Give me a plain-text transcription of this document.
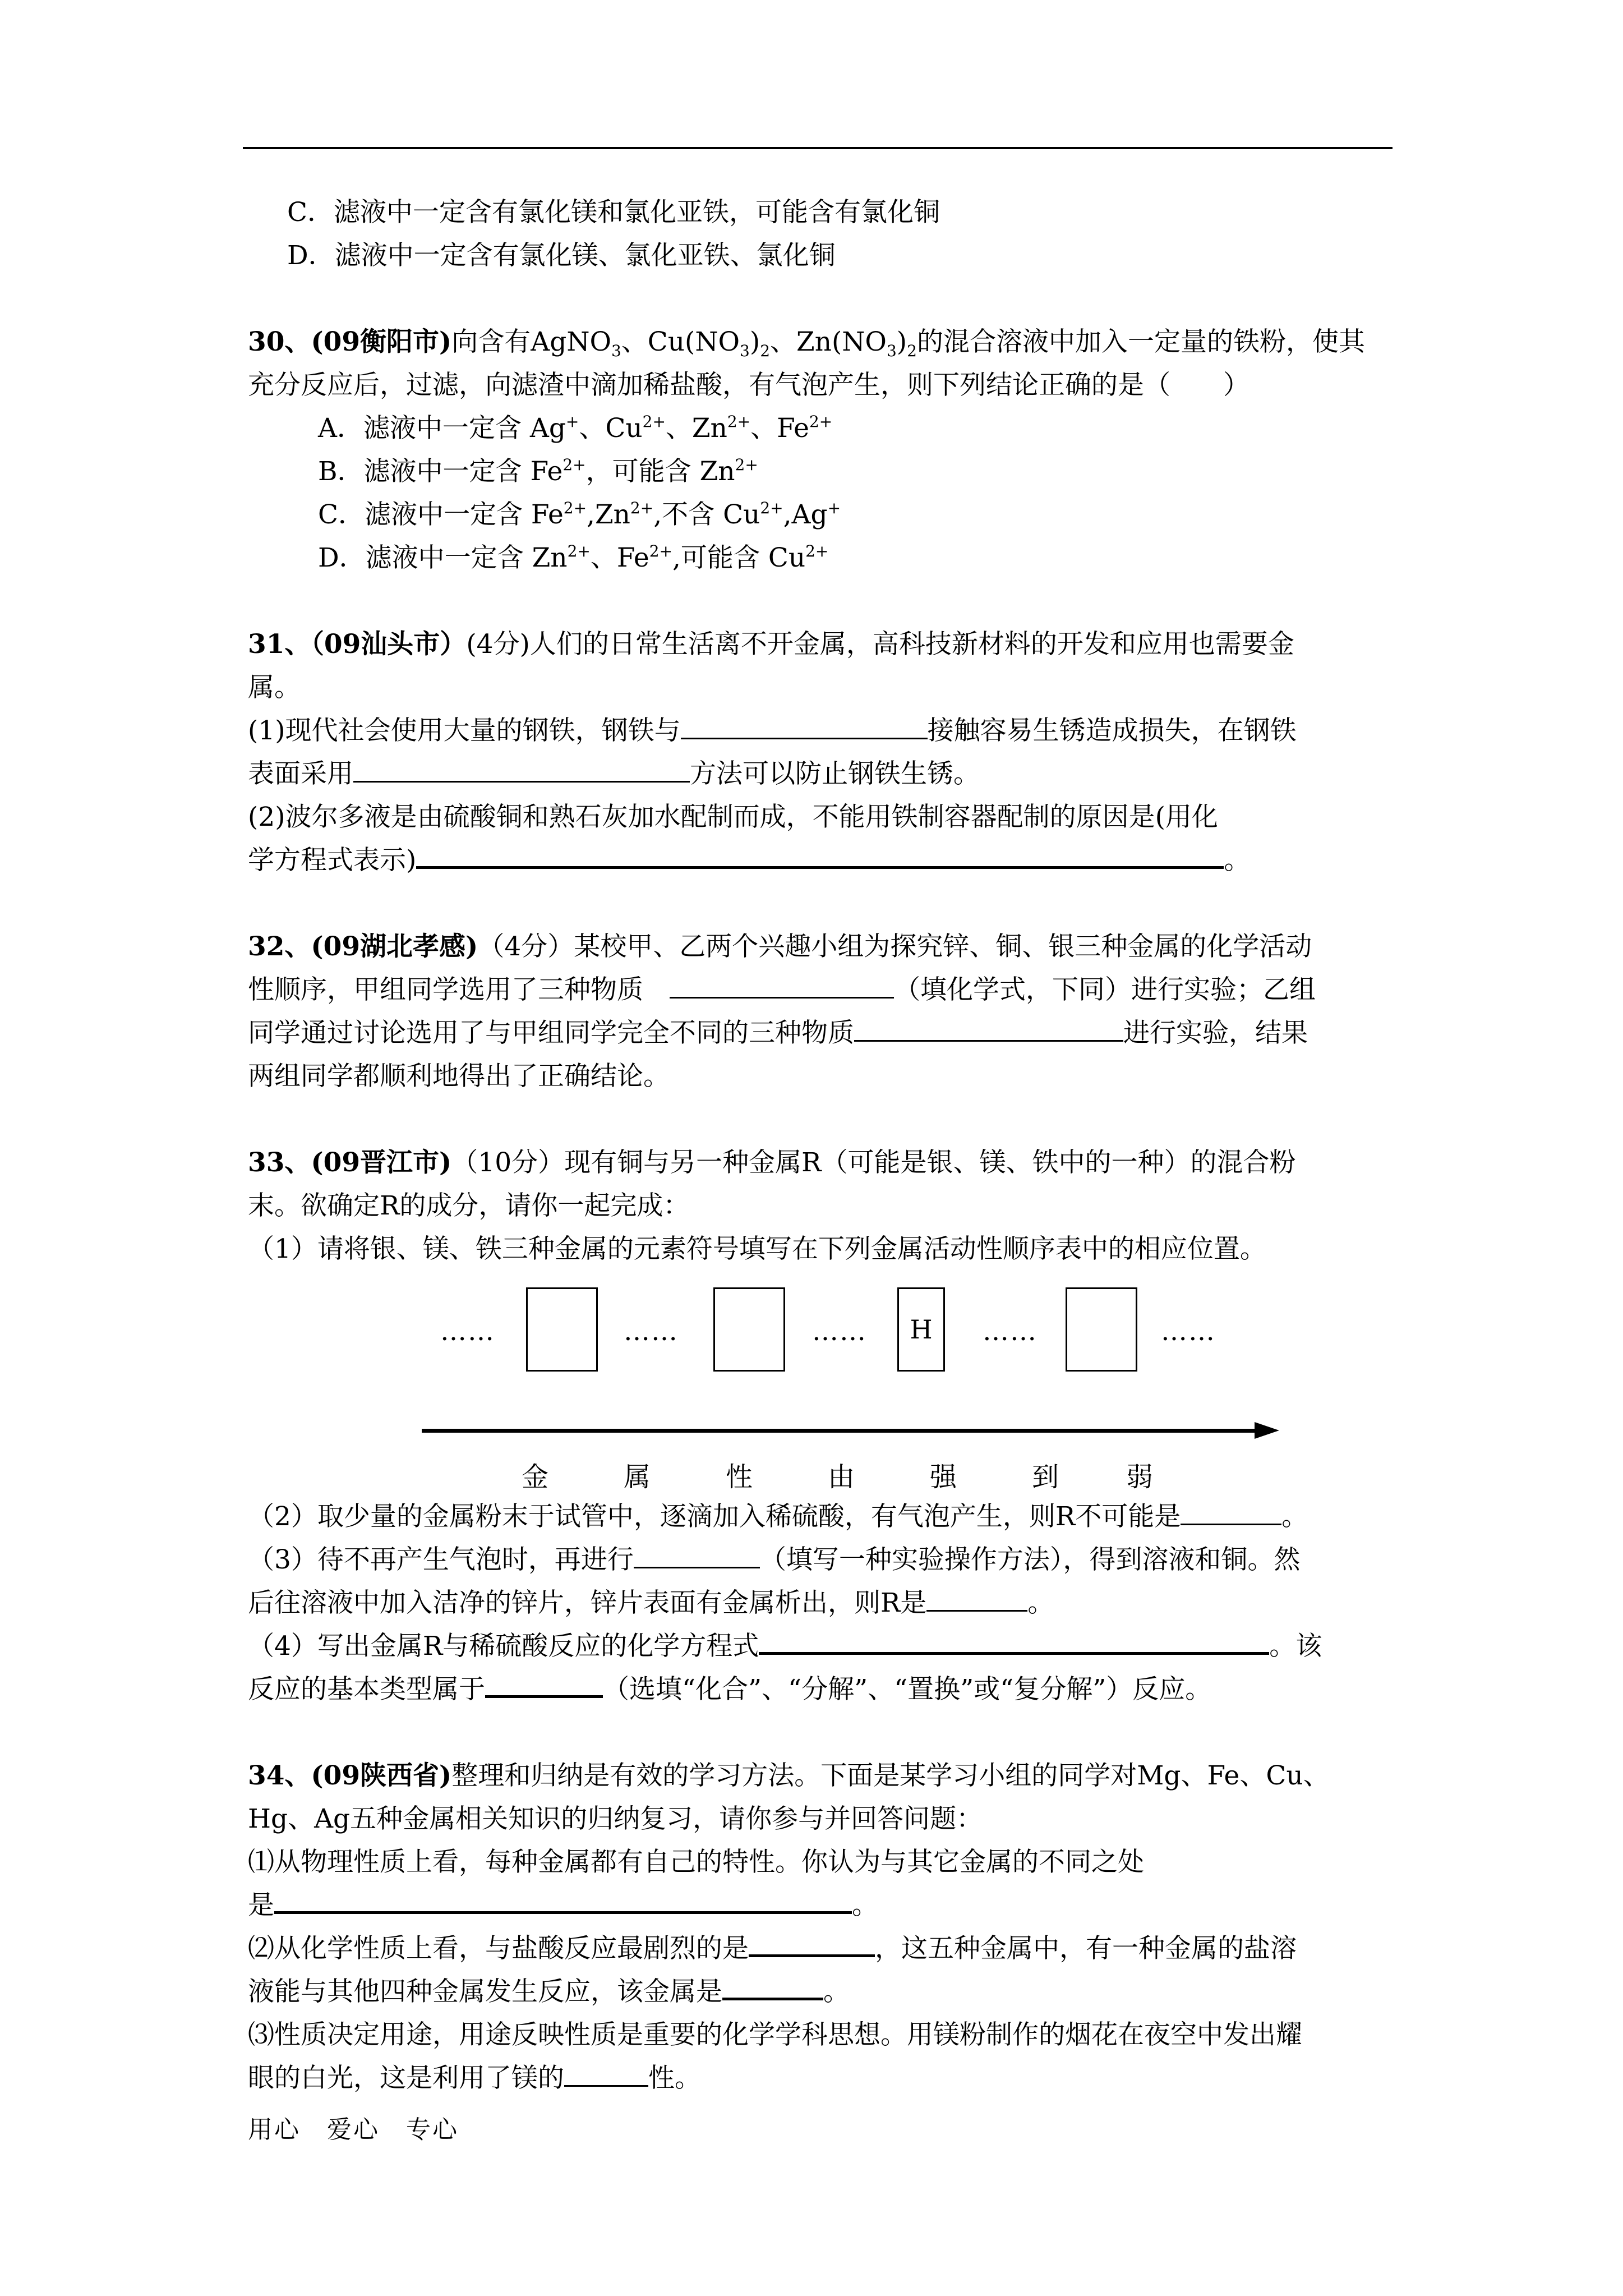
C．滤液中一定含有氯化镁和氯化亚铁，可能含有氯化铜
D．滤液中一定含有氯化镁、氯化亚铁、氯化铜
30、(09衡阳市)向含有AgNO$_3$、$Cu(NO_3)_2$、$Zn(NO_3)_2$的混合溶液中加入一定量的铁粉，使其
充分反应后，过滤，向滤渣中滴加稀盐酸，有气泡产生，则下列结论正确的是（　　）
A．滤液中一定含 Ag+、$Cu^{2+}$、$Zn^{2+}$、$Fe^{2+}$
B．滤液中一定含 $Fe^{2+}$，可能含 $Zn^{2+}$
C．滤液中一定含 $Fe^{2+},Zn^{2+}$,不含 $Cu^{2+},Ag^+$
D．滤液中一定含 $Zn^{2+}$、$Fe^{2+}$,可能含 $Cu^{2+}$
31、（09汕头市）(4分)人们的日常生活离不开金属，高科技新材料的开发和应用也需要金
属。
(1)现代社会使用大量的钢铁，钢铁与	接触容易生锈造成损失，在钢铁
表面采用	方法可以防止钢铁生锈。
(2)波尔多液是由硫酸铜和熟石灰加水配制而成，不能用铁制容器配制的原因是(用化
学方程式表示)	。
32、(09湖北孝感)（4分）某校甲、乙两个兴趣小组为探究锌、铜、银三种金属的化学活动
性顺序，甲组同学选用了三种物质　	（填化学式，下同）进行实验；乙组
同学通过讨论选用了与甲组同学完全不同的三种物质	进行实验，结果
两组同学都顺利地得出了正确结论。
33、(09晋江市)（10分）现有铜与另一种金属R（可能是银、镁、铁中的一种）的混合粉
末。欲确定R的成分，请你一起完成：
（1）请将银、镁、铁三种金属的元素符号填写在下列金属活动性顺序表中的相应位置。
……	……	……	H	……	……
金	属	性	由	强	到 弱
（2）取少量的金属粉末于试管中，逐滴加入稀硫酸，有气泡产生，则R不可能是	。
（3）待不再产生气泡时，再进行	（填写一种实验操作方法），得到溶液和铜。然
后往溶液中加入洁净的锌片，锌片表面有金属析出，则R是	。
（4）写出金属R与稀硫酸反应的化学方程式	。该
反应的基本类型属于	（选填“化合”、“分解”、“置换”或“复分解”）反应。
34、(09陕西省)整理和归纳是有效的学习方法。下面是某学习小组的同学对Mg、Fe、Cu、
Hg、Ag五种金属相关知识的归纳复习，请你参与并回答问题：
⑴从物理性质上看，每种金属都有自己的特性。你认为与其它金属的不同之处
是	。
⑵从化学性质上看，与盐酸反应最剧烈的是	，这五种金属中，有一种金属的盐溶
液能与其他四种金属发生反应，该金属是	。
⑶性质决定用途，用途反映性质是重要的化学学科思想。用镁粉制作的烟花在夜空中发出耀
眼的白光，这是利用了镁的	性。
用心　爱心　专心
